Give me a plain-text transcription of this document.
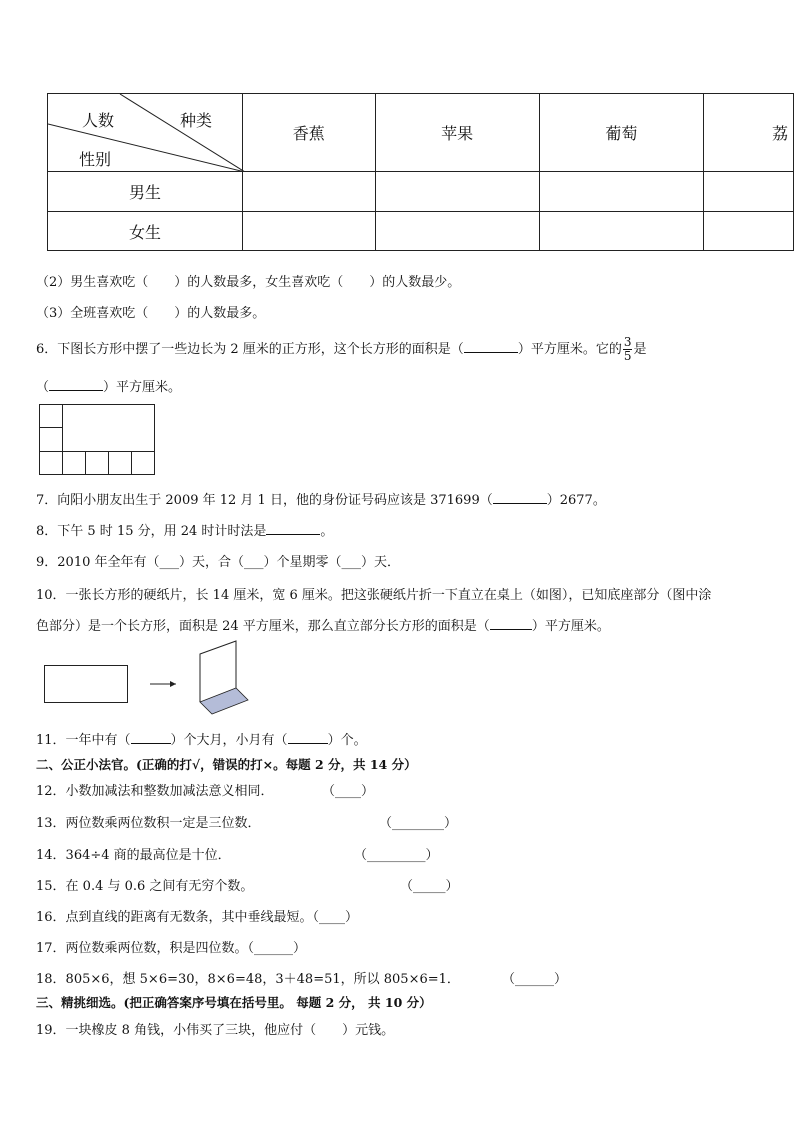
人数 种类
性别	香蕉	苹果	葡萄	荔
男生				
女生				
（2）男生喜欢吃（　　）的人数最多，女生喜欢吃（　　）的人数最少。
（3）全班喜欢吃（　　）的人数最多。
6．下图长方形中摆了一些边长为 2 厘米的正方形，这个长方形的面积是（	）平方厘米。它的 $\frac{3}{5}$ 是
（	）平方厘米。
7．向阳小朋友出生于 2009 年 12 月 1 日，他的身份证号码应该是 371699（	）2677。
8．下午 5 时 15 分，用 24 时计时法是	。
9．2010 年全年有（___）天，合（___）个星期零（___）天．
10．一张长方形的硬纸片，长 14 厘米，宽 6 厘米。把这张硬纸片折一下直立在桌上（如图），已知底座部分（图中涂
色部分）是一个长方形，面积是 24 平方厘米，那么直立部分长方形的面积是（	）平方厘米。
11．一年中有（	）个大月，小月有（	）个。
二、公正小法官。(正确的打√，错误的打×。每题 2 分，共 14 分）
12．小数加减法和整数加减法意义相同．	（____）
13．两位数乘两位数积一定是三位数．	（________）
14．364÷4 商的最高位是十位．	（_________）
15．在 0.4 与 0.6 之间有无穷个数。	（_____）
16．点到直线的距离有无数条，其中垂线最短。（____）
17．两位数乘两位数，积是四位数。（______）
18．805×6，想 5×6=30，8×6=48，3＋48=51，所以 805×6=1．	（______）
三、精挑细选。(把正确答案序号填在括号里。 每题 2 分， 共 10 分）
19．一块橡皮 8 角钱，小伟买了三块，他应付（　　）元钱。
